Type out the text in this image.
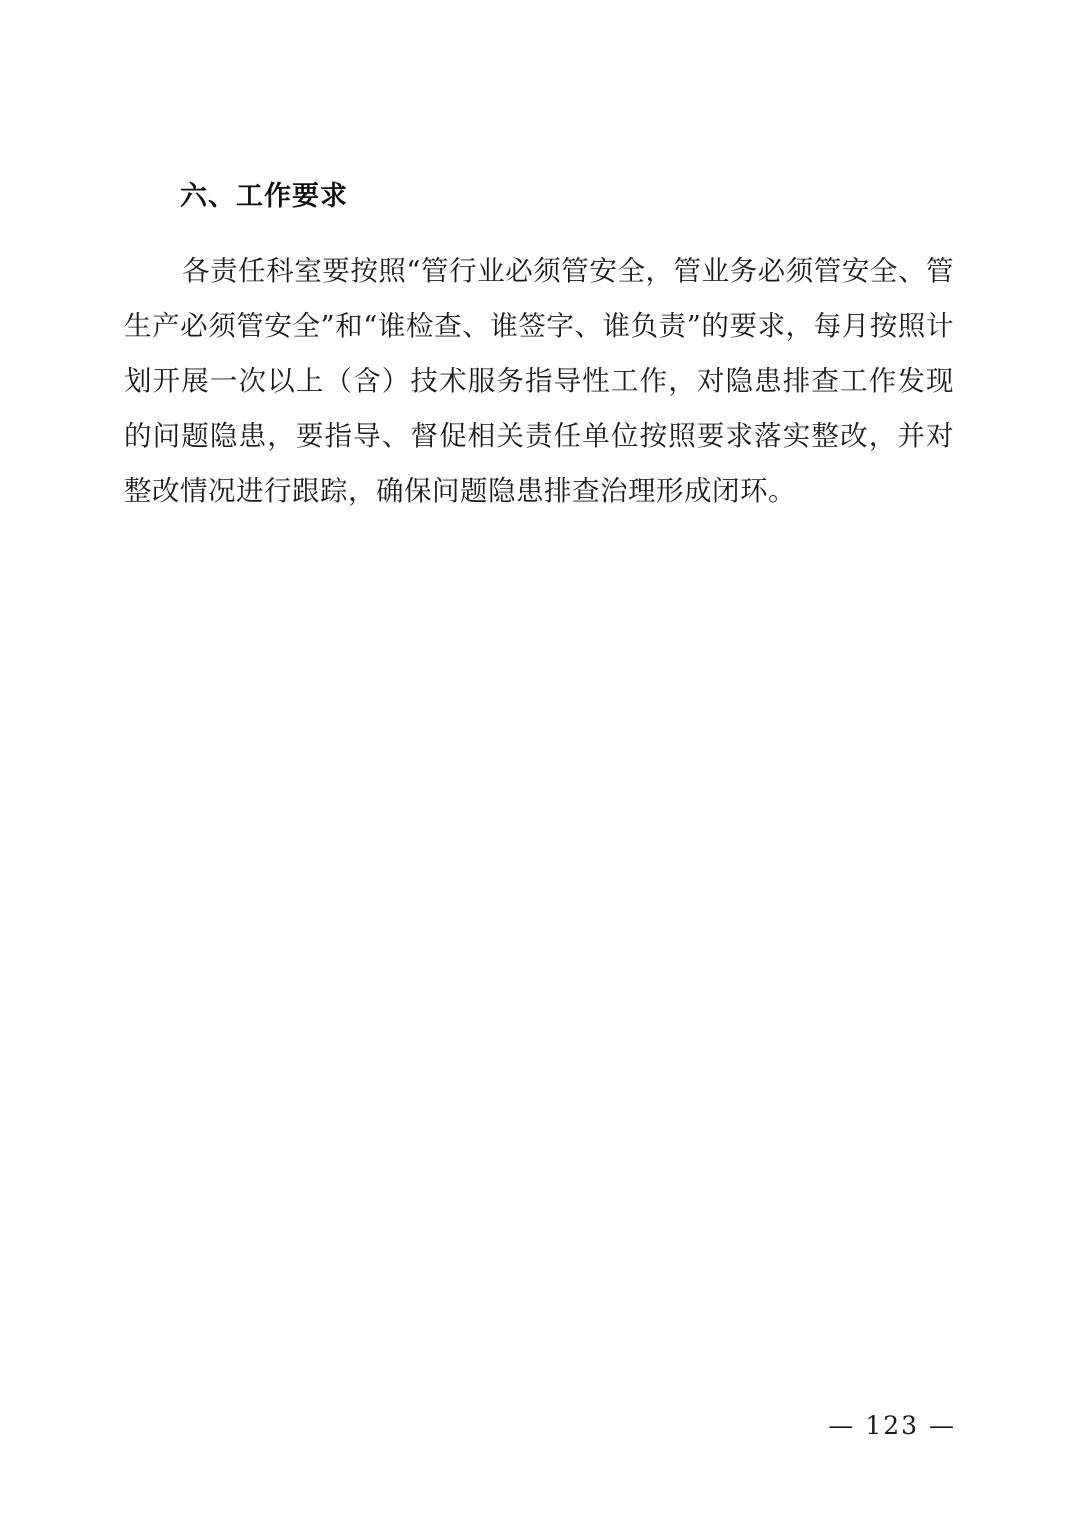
六、工作要求

各责任科室要按照“管行业必须管安全，管业务必须管安全、管生产必须管安全”和“谁检查、谁签字、谁负责”的要求，每月按照计划开展一次以上（含）技术服务指导性工作，对隐患排查工作发现的问题隐患，要指导、督促相关责任单位按照要求落实整改，并对整改情况进行跟踪，确保问题隐患排查治理形成闭环。

— 123 —
